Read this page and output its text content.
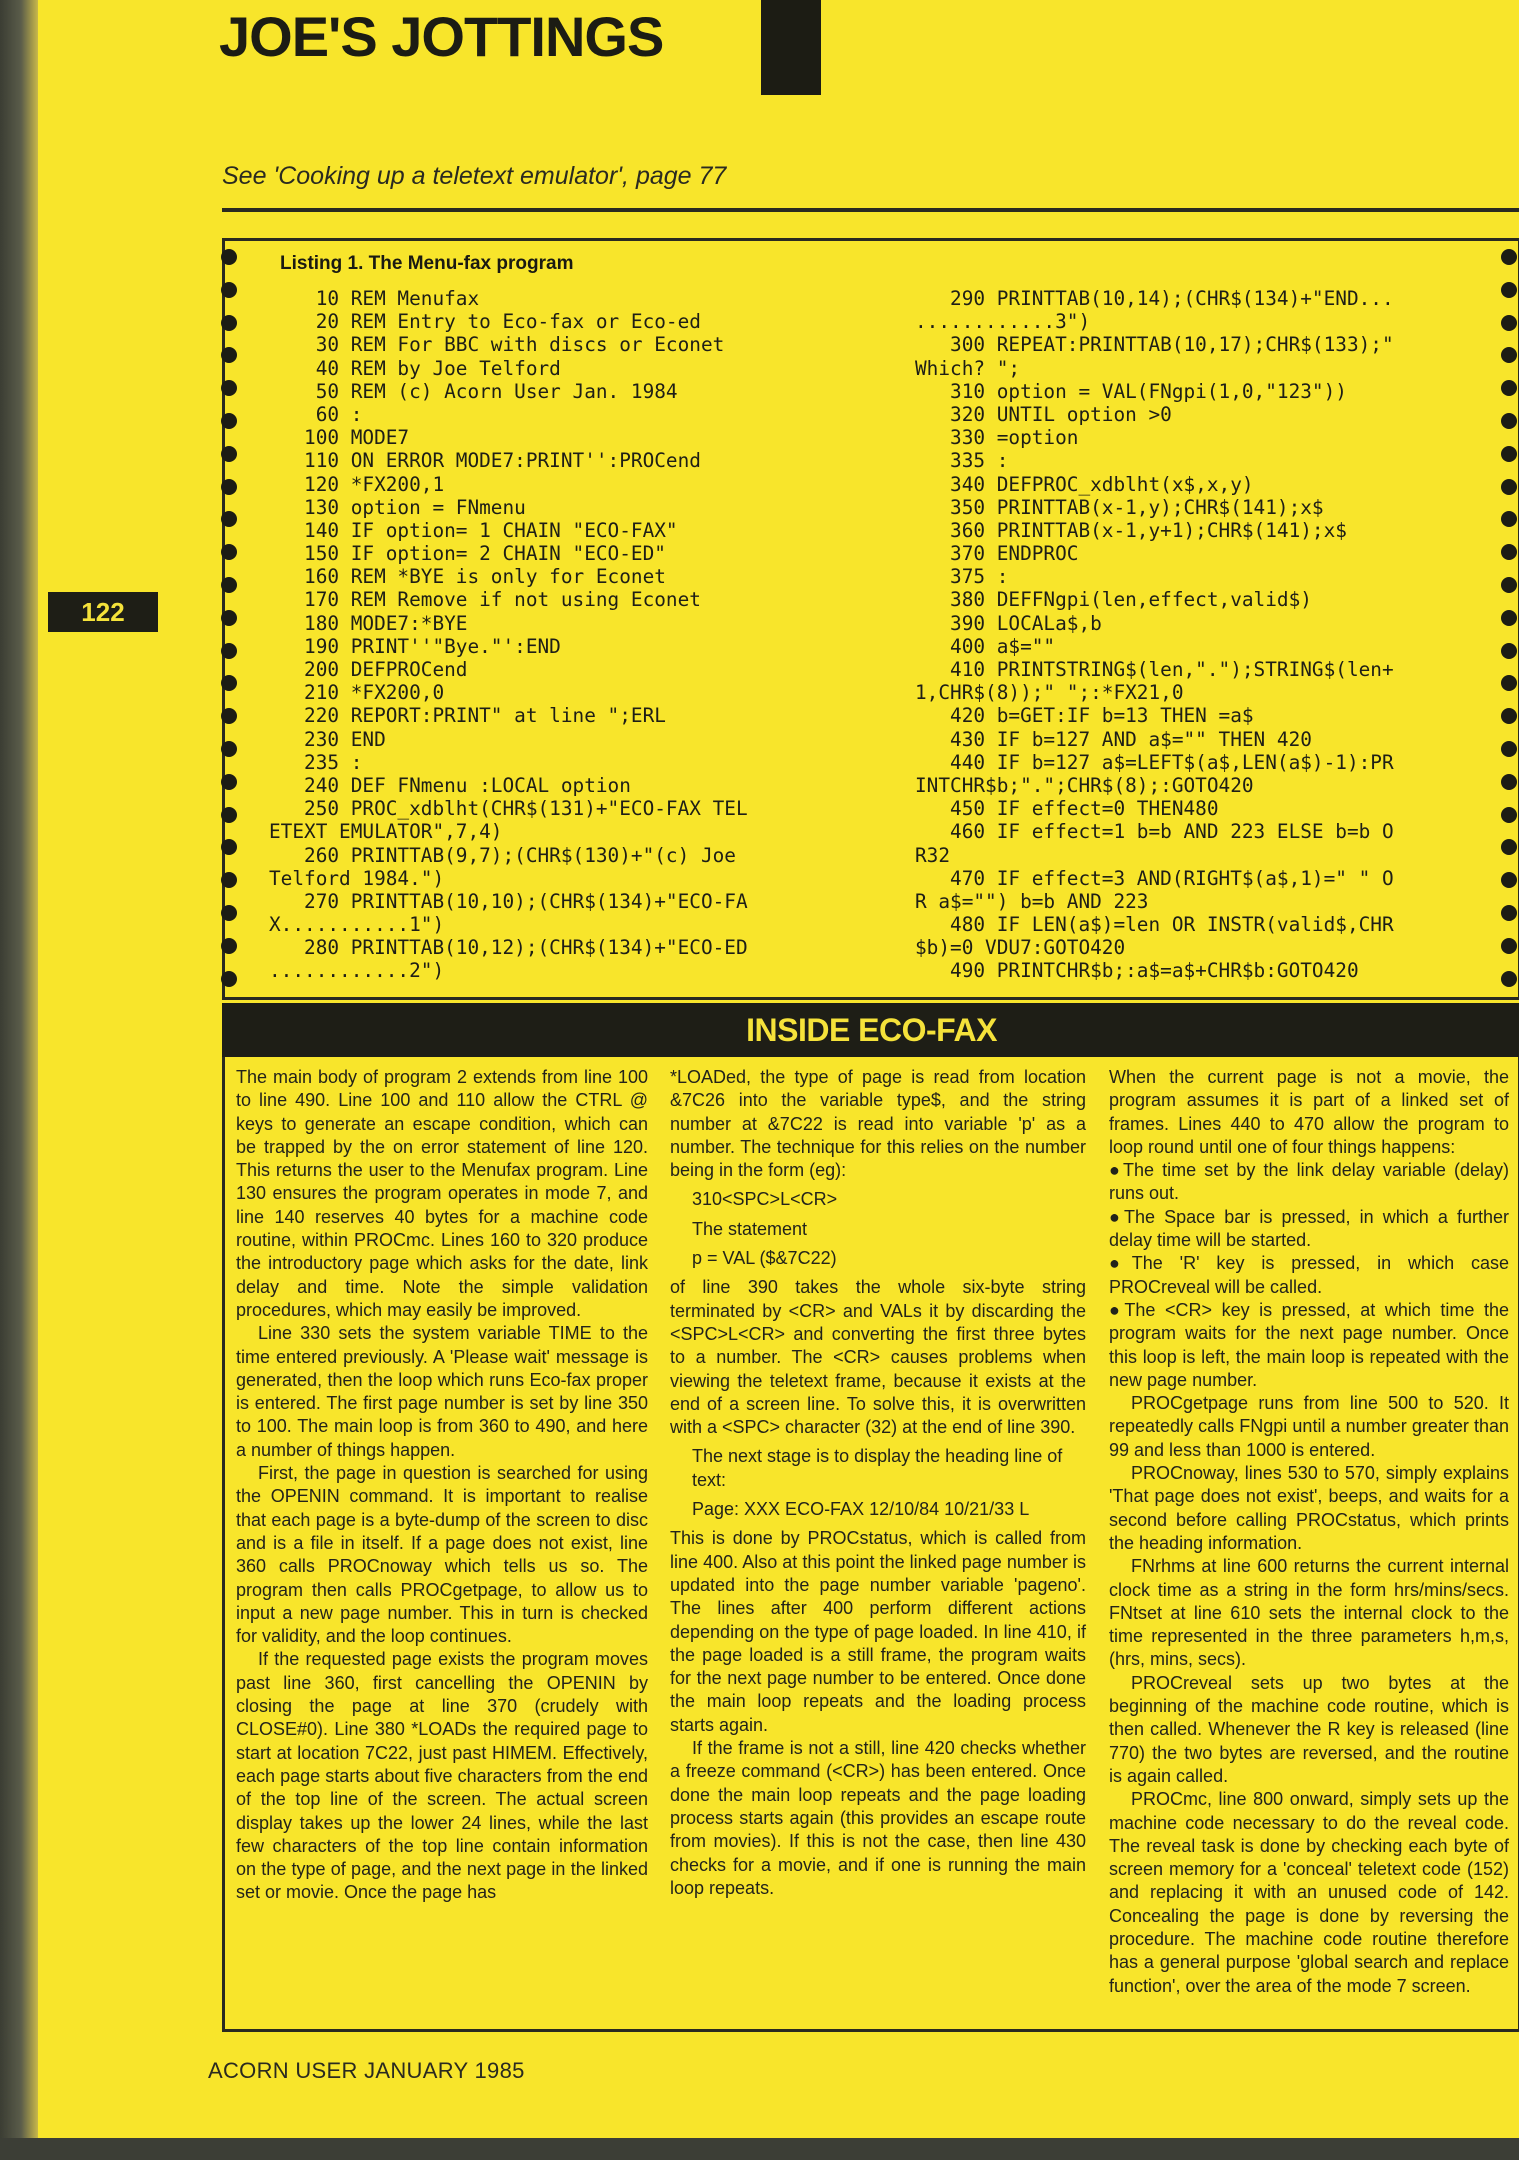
JOE'S JOTTINGS
See 'Cooking up a teletext emulator', page 77
Listing 1. The Menu-fax program
10 REM Menufax
20 REM Entry to Eco-fax or Eco-ed
30 REM For BBC with discs or Econet
40 REM by Joe Telford
50 REM (c) Acorn User Jan. 1984
60 :
100 MODE7
110 ON ERROR MODE7:PRINT'':PROCend
120 *FX200,1
130 option = FNmenu
140 IF option= 1 CHAIN "ECO-FAX"
150 IF option= 2 CHAIN "ECO-ED"
160 REM *BYE is only for Econet
170 REM Remove if not using Econet
180 MODE7:*BYE
190 PRINT''"Bye."':END
200 DEFPROCend
210 *FX200,0
220 REPORT:PRINT" at line ";ERL
230 END
235 :
240 DEF FNmenu :LOCAL option
250 PROC_xdblht(CHR$(131)+"ECO-FAX TEL
ETEXT EMULATOR",7,4)
260 PRINTTAB(9,7);(CHR$(130)+"(c) Joe
Telford 1984.")
270 PRINTTAB(10,10);(CHR$(134)+"ECO-FA
X...........1")
280 PRINTTAB(10,12);(CHR$(134)+"ECO-ED
............2")
290 PRINTTAB(10,14);(CHR$(134)+"END...
............3")
300 REPEAT:PRINTTAB(10,17);CHR$(133);"
Which? ";
310 option = VAL(FNgpi(1,0,"123"))
320 UNTIL option >0
330 =option
335 :
340 DEFPROC_xdblht(x$,x,y)
350 PRINTTAB(x-1,y);CHR$(141);x$
360 PRINTTAB(x-1,y+1);CHR$(141);x$
370 ENDPROC
375 :
380 DEFFNgpi(len,effect,valid$)
390 LOCALa$,b
400 a$=""
410 PRINTSTRING$(len,".");STRING$(len+
1,CHR$(8));" ";:*FX21,0
420 b=GET:IF b=13 THEN =a$
430 IF b=127 AND a$="" THEN 420
440 IF b=127 a$=LEFT$(a$,LEN(a$)-1):PR
INTCHR$b;".";CHR$(8);:GOTO420
450 IF effect=0 THEN480
460 IF effect=1 b=b AND 223 ELSE b=b O
R32
470 IF effect=3 AND(RIGHT$(a$,1)=" " O
R a$="") b=b AND 223
480 IF LEN(a$)=len OR INSTR(valid$,CHR
$b)=0 VDU7:GOTO420
490 PRINTCHR$b;:a$=a$+CHR$b:GOTO420
INSIDE ECO-FAX

The main body of program 2 extends from line 100 to line 490. Line 100 and 110 allow the CTRL @ keys to generate an escape condition, which can be trapped by the on error statement of line 120. This returns the user to the Menufax program. Line 130 ensures the program operates in mode 7, and line 140 reserves 40 bytes for a machine code routine, within PROCmc. Lines 160 to 320 produce the introductory page which asks for the date, link delay and time. Note the simple validation procedures, which may easily be improved.

Line 330 sets the system variable TIME to the time entered previously. A 'Please wait' message is generated, then the loop which runs Eco-fax proper is entered. The first page number is set by line 350 to 100. The main loop is from 360 to 490, and here a number of things happen.

First, the page in question is searched for using the OPENIN command. It is important to realise that each page is a byte-dump of the screen to disc and is a file in itself. If a page does not exist, line 360 calls PROCnoway which tells us so. The program then calls PROCgetpage, to allow us to input a new page number. This in turn is checked for validity, and the loop continues.

If the requested page exists the program moves past line 360, first cancelling the OPENIN by closing the page at line 370 (crudely with CLOSE#0). Line 380 *LOADs the required page to start at location 7C22, just past HIMEM. Effectively, each page starts about five characters from the end of the top line of the screen. The actual screen display takes up the lower 24 lines, while the last few characters of the top line contain information on the type of page, and the next page in the linked set or movie. Once the page has

*LOADed, the type of page is read from location &7C26 into the variable type$, and the string number at &7C22 is read into variable 'p' as a number. The technique for this relies on the number being in the form (eg):

310<SPC>L<CR>

The statement

p = VAL ($&7C22)

of line 390 takes the whole six-byte string terminated by <CR> and VALs it by discarding the <SPC>L<CR> and converting the first three bytes to a number. The <CR> causes problems when viewing the teletext frame, because it exists at the end of a screen line. To solve this, it is overwritten with a <SPC> character (32) at the end of line 390.

The next stage is to display the heading line of text:

Page: XXX ECO-FAX 12/10/84 10/21/33 L

This is done by PROCstatus, which is called from line 400. Also at this point the linked page number is updated into the page number variable 'pageno'. The lines after 400 perform different actions depending on the type of page loaded. In line 410, if the page loaded is a still frame, the program waits for the next page number to be entered. Once done the main loop repeats and the loading process starts again.

If the frame is not a still, line 420 checks whether a freeze command (<CR>) has been entered. Once done the main loop repeats and the page loading process starts again (this provides an escape route from movies). If this is not the case, then line 430 checks for a movie, and if one is running the main loop repeats.

When the current page is not a movie, the program assumes it is part of a linked set of frames. Lines 440 to 470 allow the program to loop round until one of four things happens:

●The time set by the link delay variable (delay) runs out.

●The Space bar is pressed, in which a further delay time will be started.

●The 'R' key is pressed, in which case PROCreveal will be called.

●The <CR> key is pressed, at which time the program waits for the next page number. Once this loop is left, the main loop is repeated with the new page number.

PROCgetpage runs from line 500 to 520. It repeatedly calls FNgpi until a number greater than 99 and less than 1000 is entered.

PROCnoway, lines 530 to 570, simply explains 'That page does not exist', beeps, and waits for a second before calling PROCstatus, which prints the heading information.

FNrhms at line 600 returns the current internal clock time as a string in the form hrs/mins/secs. FNtset at line 610 sets the internal clock to the time represented in the three parameters h,m,s, (hrs, mins, secs).

PROCreveal sets up two bytes at the beginning of the machine code routine, which is then called. Whenever the R key is released (line 770) the two bytes are reversed, and the routine is again called.

PROCmc, line 800 onward, simply sets up the machine code necessary to do the reveal code. The reveal task is done by checking each byte of screen memory for a 'conceal' teletext code (152) and replacing it with an unused code of 142. Concealing the page is done by reversing the procedure. The machine code routine therefore has a general purpose 'global search and replace function', over the area of the mode 7 screen.

ACORN USER JANUARY 1985
122
